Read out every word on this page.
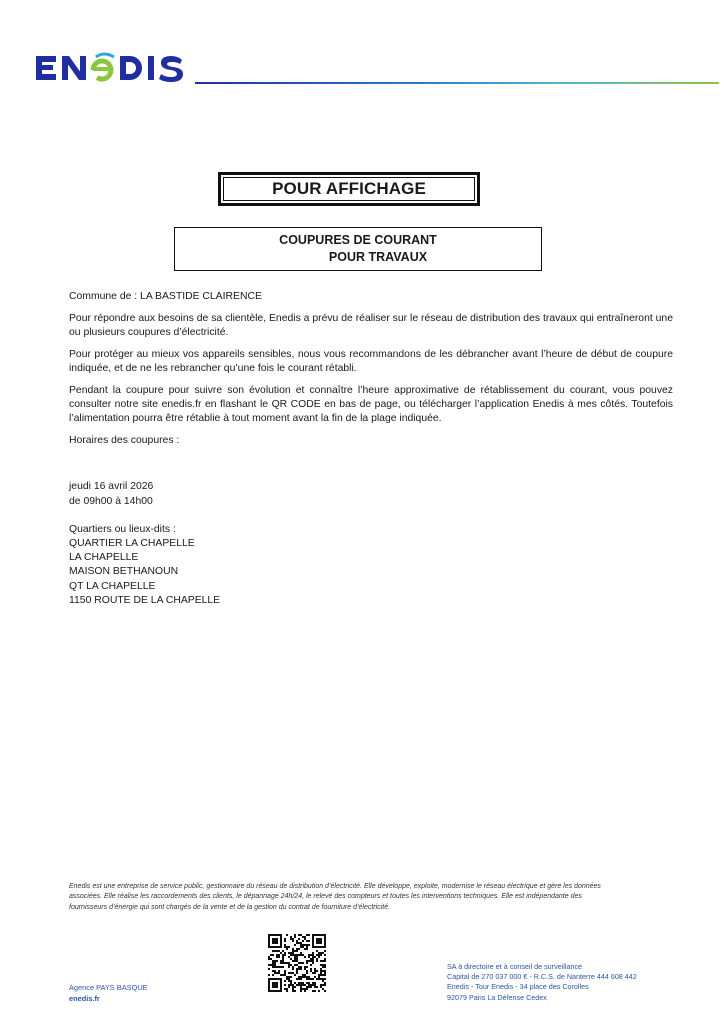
POUR AFFICHAGE
COUPURES DE COURANT
POUR TRAVAUX

Commune de : LA BASTIDE CLAIRENCE

Pour répondre aux besoins de sa clientèle, Enedis a prévu de réaliser sur le réseau de distribution des travaux qui entraîneront une ou plusieurs coupures d’électricité.

Pour protéger au mieux vos appareils sensibles, nous vous recommandons de les débrancher avant l’heure de début de coupure indiquée, et de ne les rebrancher qu’une fois le courant rétabli.

Pendant la coupure pour suivre son évolution et connaître l’heure approximative de rétablissement du courant, vous pouvez consulter notre site enedis.fr en flashant le QR CODE en bas de page, ou télécharger l’application Enedis à mes côtés. Toutefois l’alimentation pourra être rétablie à tout moment avant la fin de la plage indiquée.

Horaires des coupures :

jeudi 16 avril 2026
de 09h00 à 14h00
Quartiers ou lieux-dits :
QUARTIER LA CHAPELLE
LA CHAPELLE
MAISON BETHANOUN
QT LA CHAPELLE
1150 ROUTE DE LA CHAPELLE
Enedis est une entreprise de service public, gestionnaire du réseau de distribution d’électricité. Elle développe, exploite, modernise le réseau électrique et gère les données
associées. Elle réalise les raccordements des clients, le dépannage 24h/24, le relevé des compteurs et toutes les interventions techniques. Elle est indépendante des
fournisseurs d’énergie qui sont chargés de la vente et de la gestion du contrat de fourniture d’électricité.
Agence PAYS BASQUE
enedis.fr
SA à directoire et à conseil de surveillance
Capital de 270 037 000 € - R.C.S. de Nanterre 444 608 442
Enedis - Tour Enedis - 34 place des Corolles
92079 Paris La Défense Cedex
